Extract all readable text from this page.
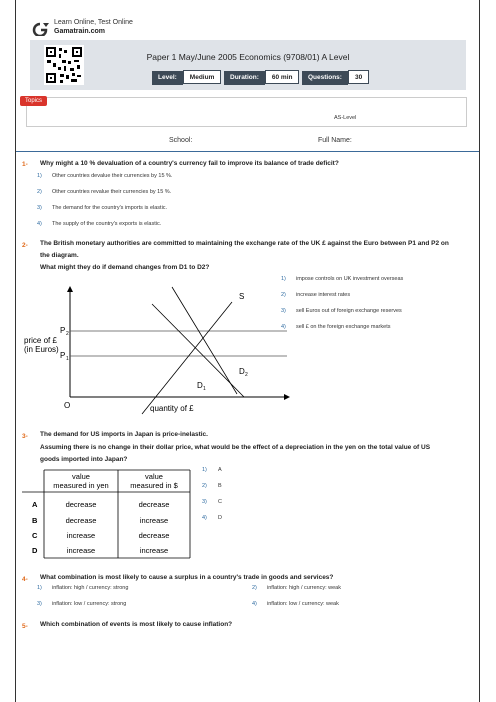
Learn Online, Test Online
Gamatrain.com
Paper 1 May/June 2005 Economics (9708/01) A Level
Level: Medium	Duration: 60 min	Questions: 30
Topics
AS-Level
School:	Full Name:
1- Why might a 10 % devaluation of a country's currency fail to improve its balance of trade deficit?
1) Other countries devalue their currencies by 15 %.
2) Other countries revalue their currencies by 15 %.
3) The demand for the country's imports is elastic.
4) The supply of the country's exports is elastic.
2- The British monetary authorities are committed to maintaining the exchange rate of the UK £ against the Euro between P1 and P2 on
the diagram.
What might they do if demand changes from D1 to D2?
price of £
(in Euros)
P 2
P 1
S
D 1
D 2
O	quantity of £
1) impose controls on UK investment overseas
2) increase interest rates
3) sell Euros out of foreign exchange reserves
4) sell £ on the foreign exchange markets
3- The demand for US imports in Japan is price-inelastic.
Assuming there is no change in their dollar price, what would be the effect of a depreciation in the yen on the total value of US
goods imported into Japan?
value
measured in yen
value
measured in $
A	decrease	decrease
B	decrease	increase
C	increase	decrease
D	increase	increase
1) A
2) B
3) C
4) D
4- What combination is most likely to cause a surplus in a country's trade in goods and services?
1) inflation: high / currency: strong	2) inflation: high / currency: weak
3) inflation: low / currency: strong	4) inflation: low / currency: weak
5- Which combination of events is most likely to cause inflation?
